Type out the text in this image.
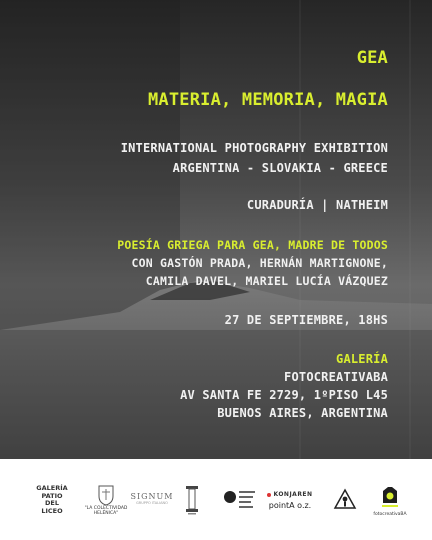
GEA
MATERIA, MEMORIA, MAGIA
INTERNATIONAL PHOTOGRAPHY EXHIBITION
ARGENTINA - SLOVAKIA - GREECE
CURADURÍA | NATHEIM
POESÍA GRIEGA PARA GEA, MADRE DE TODOS
CON GASTÓN PRADA, HERNÁN MARTIGNONE,
CAMILA DAVEL, MARIEL LUCÍA VÁZQUEZ
27 DE SEPTIEMBRE, 18HS
GALERÍA
FOTOCREATIVABA
AV SANTA FE 2729, 1ºPISO L45
BUENOS AIRES, ARGENTINA
GALERÍA
PATIO
DEL
LICEO	"LA COLECTIVIDAD HELÉNICA"
SIGNUM
GRUPPO ITALIANO
KONJAREN
pointA o.z.
fotocreativaBA
